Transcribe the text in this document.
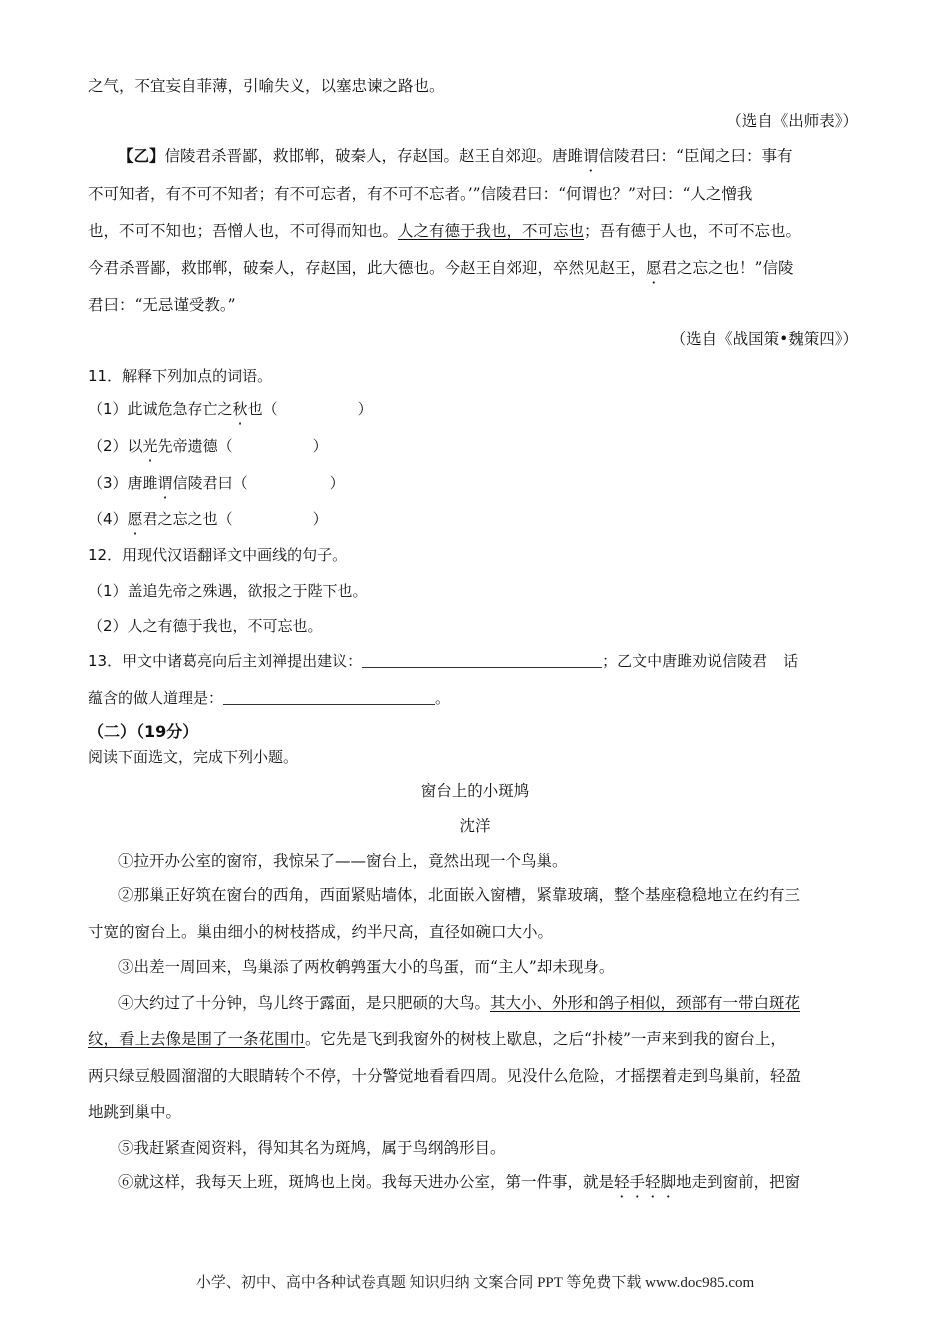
之气，不宜妄自菲薄，引喻失义，以塞忠谏之路也。
（选自《出师表》）
【乙】信陵君杀晋鄙，救邯郸，破秦人，存赵国。赵王自郊迎。唐雎谓信陵君曰：“臣闻之曰：事有
不可知者，有不可不知者；有不可忘者，有不可不忘者。’”信陵君曰：“何谓也？”对曰：“人之憎我
也，不可不知也；吾憎人也，不可得而知也。人之有德于我也，不可忘也；吾有德于人也，不可不忘也。
今君杀晋鄙，救邯郸，破秦人，存赵国，此大德也。今赵王自郊迎，卒然见赵王，愿君之忘之也！”信陵
君曰：“无忌谨受教。”
（选自《战国策•魏策四》）
11．解释下列加点的词语。
（1）此诚危急存亡之秋也（	）
（2）以光先帝遗德（	）
（3）唐雎谓信陵君曰（	）
（4）愿君之忘之也（	）
12．用现代汉语翻译文中画线的句子。
（1）盖追先帝之殊遇，欲报之于陛下也。
（2）人之有德于我也，不可忘也。
13．甲文中诸葛亮向后主刘禅提出建议：	；乙文中唐雎劝说信陵君 话
蕴含的做人道理是：	。
（二）（19分）
阅读下面选文，完成下列小题。
窗台上的小斑鸠
沈洋
①拉开办公室的窗帘，我惊呆了——窗台上，竟然出现一个鸟巢。
②那巢正好筑在窗台的西角，西面紧贴墙体，北面嵌入窗槽，紧靠玻璃，整个基座稳稳地立在约有三
寸宽的窗台上。巢由细小的树枝搭成，约半尺高，直径如碗口大小。
③出差一周回来，鸟巢添了两枚鹌鹑蛋大小的鸟蛋，而“主人”却未现身。
④大约过了十分钟，鸟儿终于露面，是只肥硕的大鸟。其大小、外形和鸽子相似，颈部有一带白斑花
纹，看上去像是围了一条花围巾。它先是飞到我窗外的树枝上歇息，之后“扑棱”一声来到我的窗台上，
两只绿豆般圆溜溜的大眼睛转个不停，十分警觉地看看四周。见没什么危险，才摇摆着走到鸟巢前，轻盈
地跳到巢中。
⑤我赶紧查阅资料，得知其名为斑鸠，属于鸟纲鸽形目。
⑥就这样，我每天上班，斑鸠也上岗。我每天进办公室，第一件事，就是轻手轻脚地走到窗前，把窗
小学、初中、高中各种试卷真题 知识归纳 文案合同 PPT 等免费下载 www.doc985.com
